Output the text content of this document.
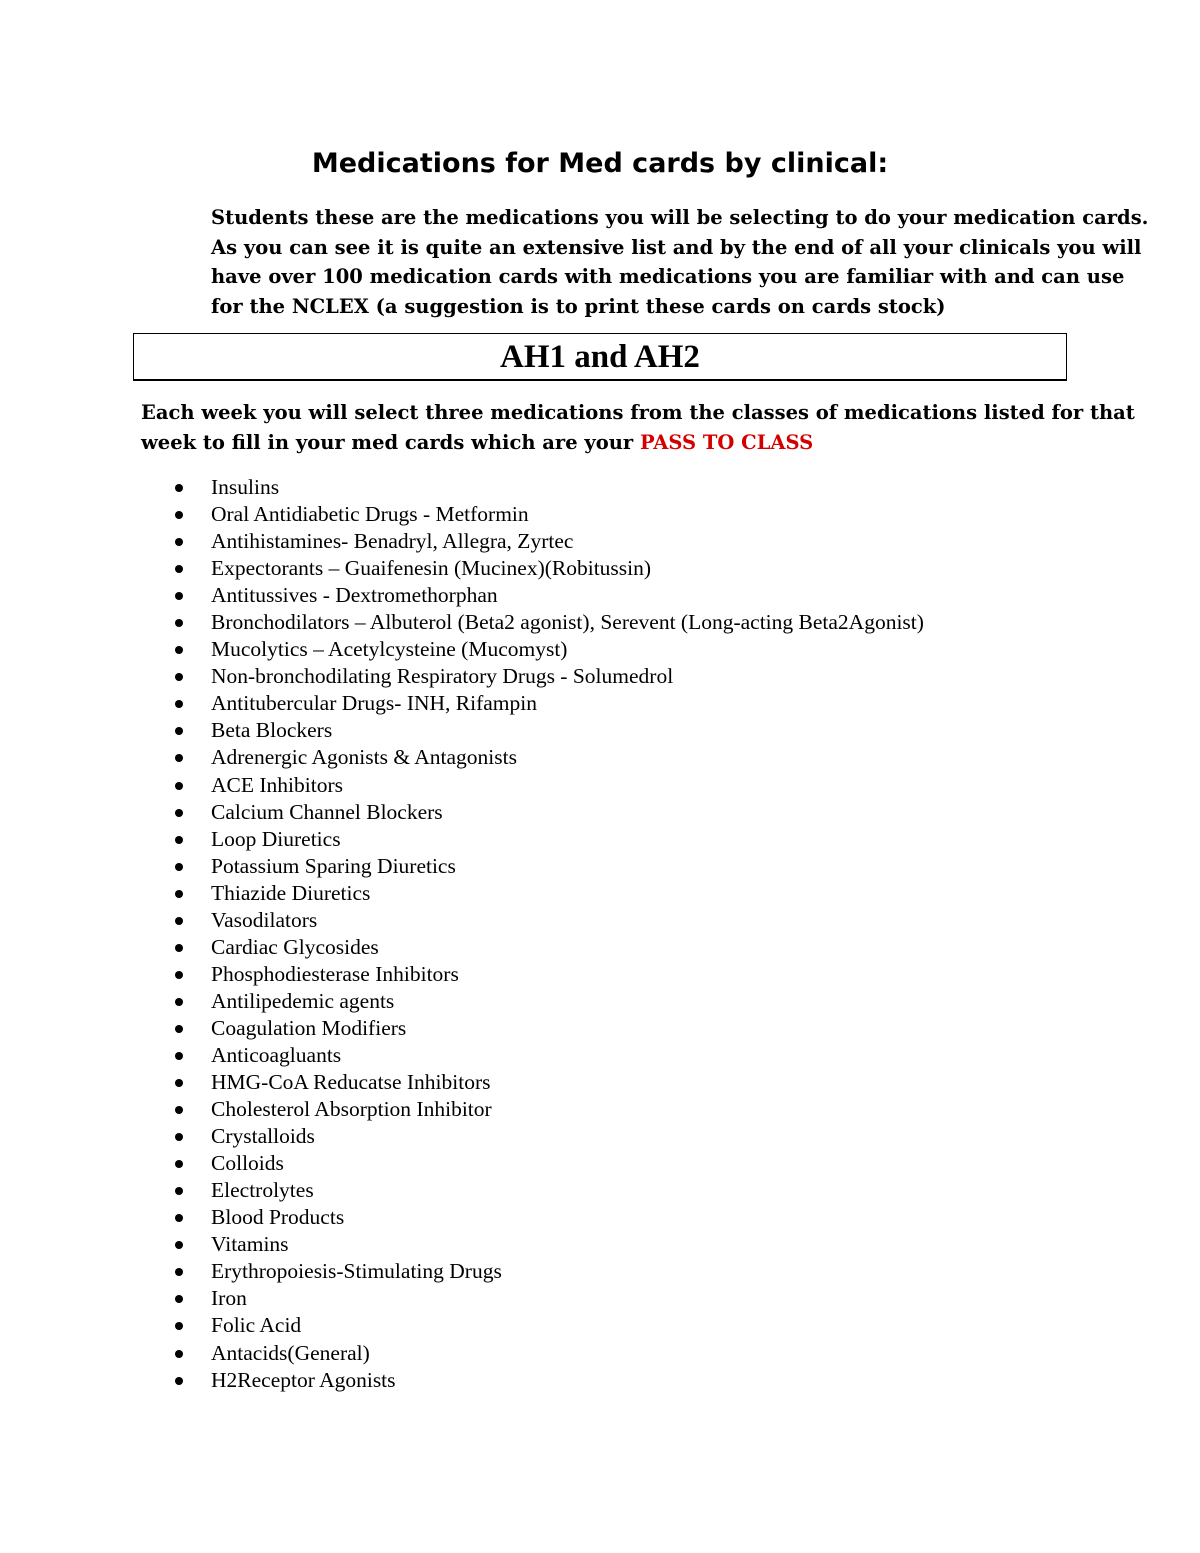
Medications for Med cards by clinical:

Students these are the medications you will be selecting to do your medication cards.
As you can see it is quite an extensive list and by the end of all your clinicals you will
have over 100 medication cards with medications you are familiar with and can use
for the NCLEX (a suggestion is to print these cards on cards stock)

AH1 and AH2

Each week you will select three medications from the classes of medications listed for that
week to fill in your med cards which are your PASS TO CLASS

Insulins
Oral Antidiabetic Drugs - Metformin
Antihistamines- Benadryl, Allegra, Zyrtec
Expectorants – Guaifenesin (Mucinex)(Robitussin)
Antitussives - Dextromethorphan
Bronchodilators – Albuterol (Beta2 agonist), Serevent (Long-acting Beta2Agonist)
Mucolytics – Acetylcysteine (Mucomyst)
Non-bronchodilating Respiratory Drugs - Solumedrol
Antitubercular Drugs- INH, Rifampin
Beta Blockers
Adrenergic Agonists & Antagonists
ACE Inhibitors
Calcium Channel Blockers
Loop Diuretics
Potassium Sparing Diuretics
Thiazide Diuretics
Vasodilators
Cardiac Glycosides
Phosphodiesterase Inhibitors
Antilipedemic agents
Coagulation Modifiers
Anticoagluants
HMG-CoA Reducatse Inhibitors
Cholesterol Absorption Inhibitor
Crystalloids
Colloids
Electrolytes
Blood Products
Vitamins
Erythropoiesis-Stimulating Drugs
Iron
Folic Acid
Antacids(General)
H2Receptor Agonists
